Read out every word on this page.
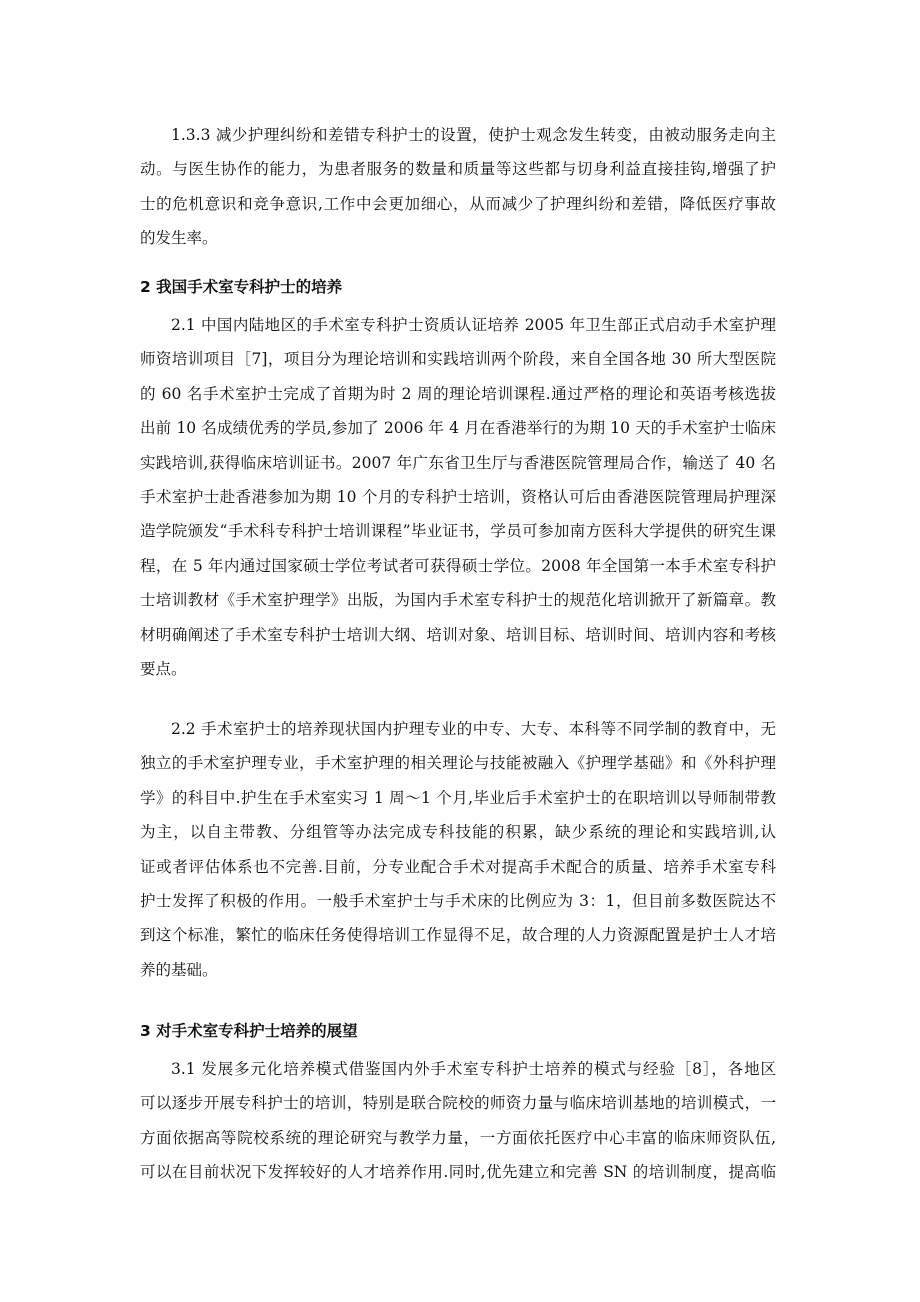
1.3.3 减少护理纠纷和差错专科护士的设置，使护士观念发生转变，由被动服务走向主
动。与医生协作的能力，为患者服务的数量和质量等这些都与切身利益直接挂钩,增强了护
士的危机意识和竞争意识,工作中会更加细心，从而减少了护理纠纷和差错，降低医疗事故
的发生率。
2 我国手术室专科护士的培养
2.1 中国内陆地区的手术室专科护士资质认证培养 2005 年卫生部正式启动手术室护理
师资培训项目［7]，项目分为理论培训和实践培训两个阶段，来自全国各地 30 所大型医院
的 60 名手术室护士完成了首期为时 2 周的理论培训课程.通过严格的理论和英语考核选拔
出前 10 名成绩优秀的学员,参加了 2006 年 4 月在香港举行的为期 10 天的手术室护士临床
实践培训,获得临床培训证书。2007 年广东省卫生厅与香港医院管理局合作，输送了 40 名
手术室护士赴香港参加为期 10 个月的专科护士培训，资格认可后由香港医院管理局护理深
造学院颁发“手术科专科护士培训课程”毕业证书，学员可参加南方医科大学提供的研究生课
程，在 5 年内通过国家硕士学位考试者可获得硕士学位。2008 年全国第一本手术室专科护
士培训教材《手术室护理学》出版，为国内手术室专科护士的规范化培训掀开了新篇章。教
材明确阐述了手术室专科护士培训大纲、培训对象、培训目标、培训时间、培训内容和考核
要点。
2.2 手术室护士的培养现状国内护理专业的中专、大专、本科等不同学制的教育中，无
独立的手术室护理专业，手术室护理的相关理论与技能被融入《护理学基础》和《外科护理
学》的科目中.护生在手术室实习 1 周～1 个月,毕业后手术室护士的在职培训以导师制带教
为主，以自主带教、分组管等办法完成专科技能的积累，缺少系统的理论和实践培训,认
证或者评估体系也不完善.目前，分专业配合手术对提高手术配合的质量、培养手术室专科
护士发挥了积极的作用。一般手术室护士与手术床的比例应为 3：1，但目前多数医院达不
到这个标准，繁忙的临床任务使得培训工作显得不足，故合理的人力资源配置是护士人才培
养的基础。
3 对手术室专科护士培养的展望
3.1 发展多元化培养模式借鉴国内外手术室专科护士培养的模式与经验［8］，各地区
可以逐步开展专科护士的培训，特别是联合院校的师资力量与临床培训基地的培训模式，一
方面依据高等院校系统的理论研究与教学力量，一方面依托医疗中心丰富的临床师资队伍,
可以在目前状况下发挥较好的人才培养作用.同时,优先建立和完善 SN 的培训制度，提高临
